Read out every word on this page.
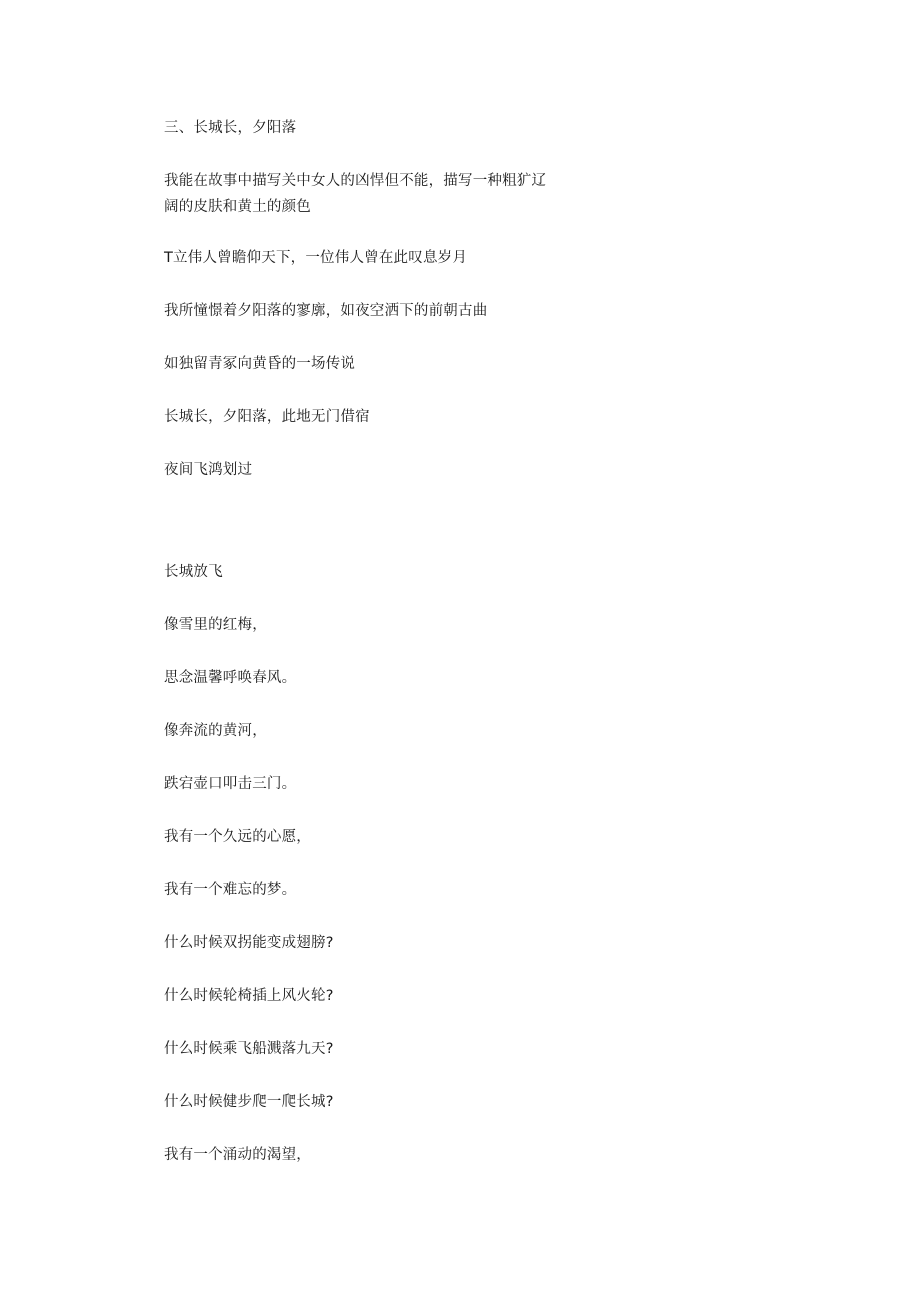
三、长城长，夕阳落
我能在故事中描写关中女人的凶悍但不能，描写一种粗犷辽阔的皮肤和黄土的颜色
T立伟人曾瞻仰天下，一位伟人曾在此叹息岁月
我所憧憬着夕阳落的寥廓，如夜空洒下的前朝古曲
如独留青冢向黄昏的一场传说
长城长，夕阳落，此地无门借宿
夜间飞鸿划过
长城放飞
像雪里的红梅，
思念温馨呼唤春风。
像奔流的黄河，
跌宕壶口叩击三门。
我有一个久远的心愿，
我有一个难忘的梦。
什么时候双拐能变成翅膀?
什么时候轮椅插上风火轮?
什么时候乘飞船溅落九天?
什么时候健步爬一爬长城?
我有一个涌动的渴望，
